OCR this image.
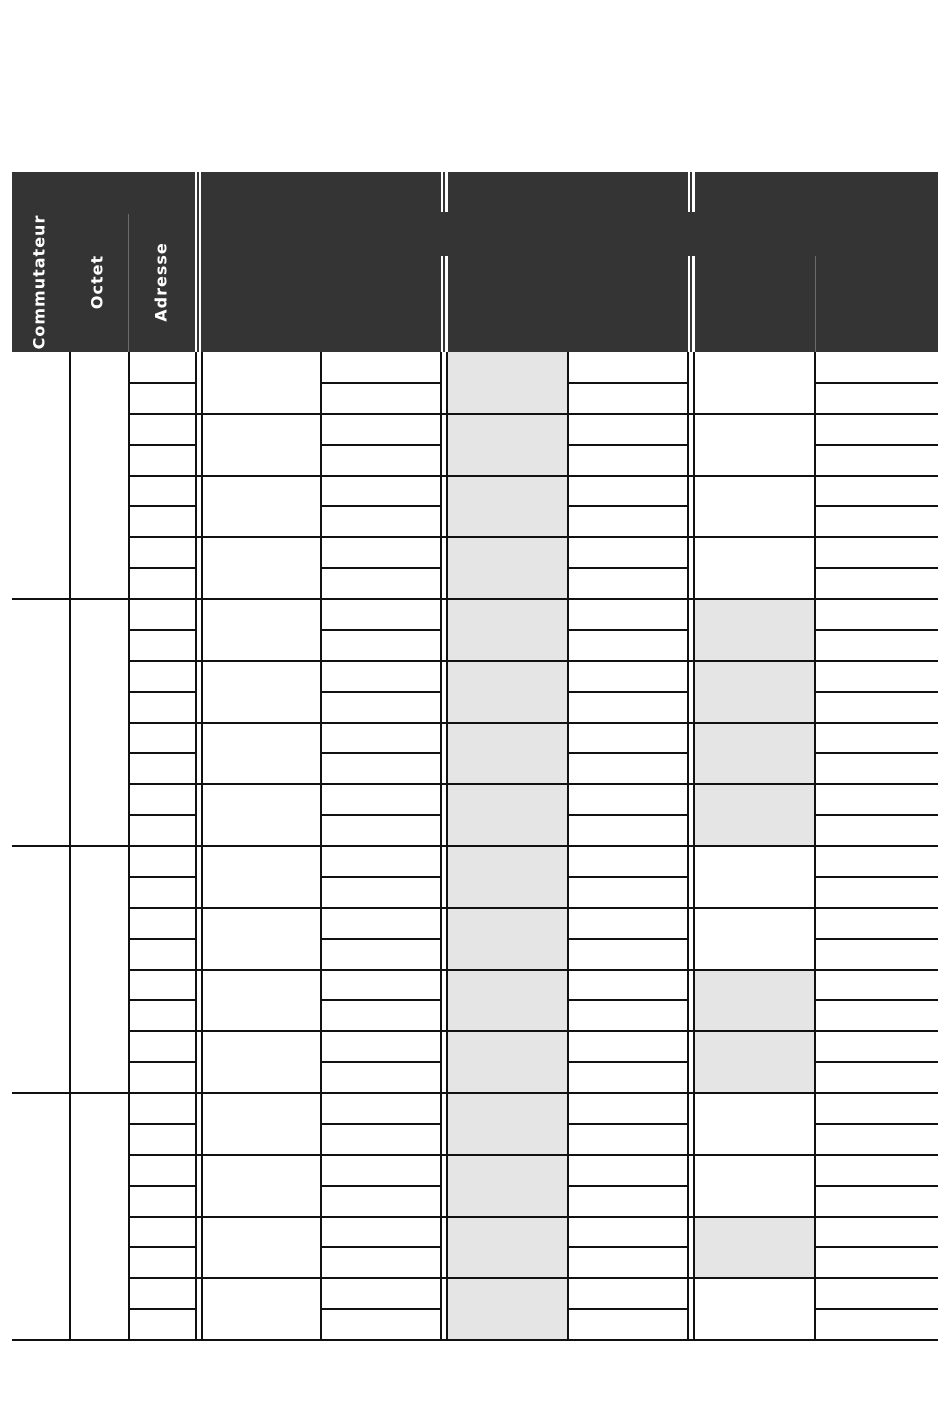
Commutateur Octet	Adresse
